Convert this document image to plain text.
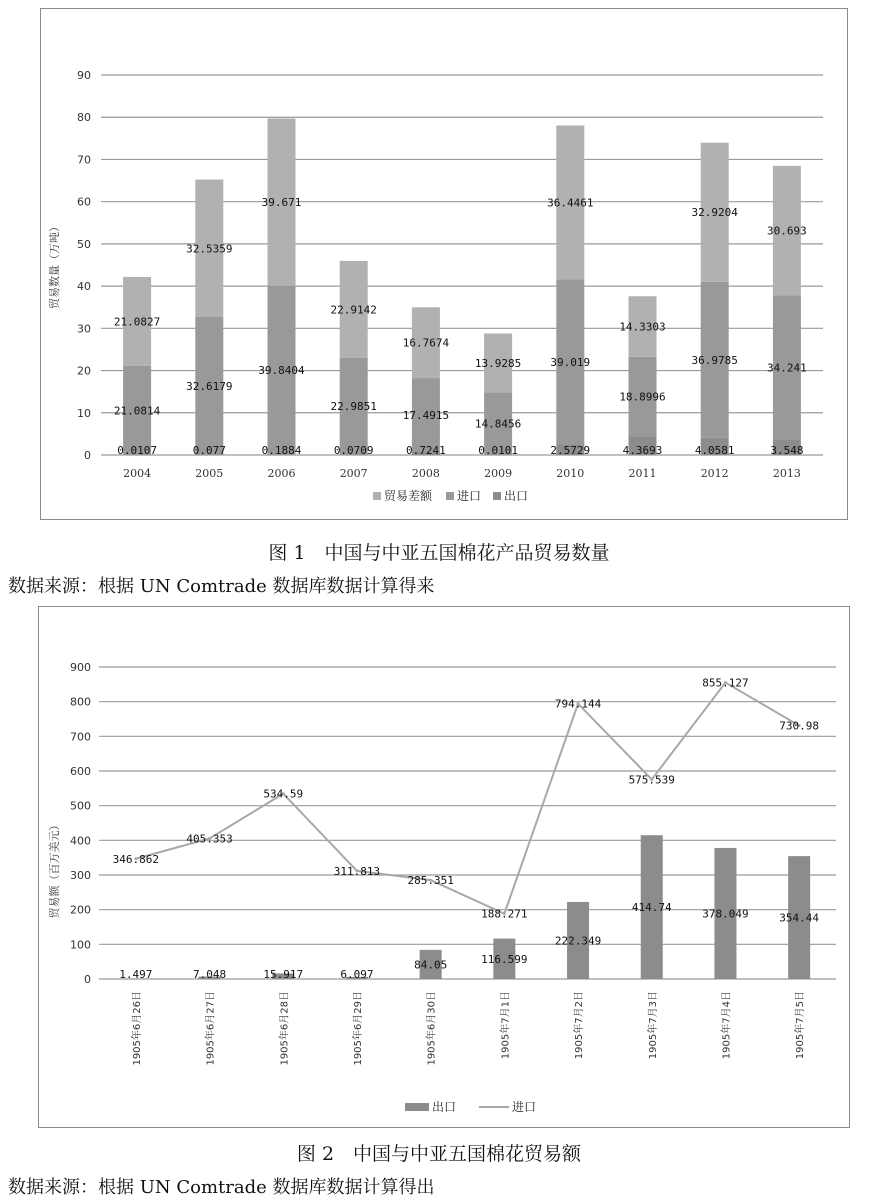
0
10
20
30
40
50
60
70
80
90
贸易数量（万吨）
0.0107
21.0814
21.0827
2004
0.077
32.6179
32.5359
2005
0.1884
39.8404
39.671
2006
0.0709
22.9851
22.9142
2007
0.7241
17.4915
16.7674
2008
0.0101
14.8456
13.9285
2009
2.5729
39.019
36.4461
2010
4.3693
18.8996
14.3303
2011
4.0581
36.9785
32.9204
2012
3.548
34.241
30.693
2013
贸易差额 进口 出口
图 1　中国与中亚五国棉花产品贸易数量
数据来源：根据 UN Comtrade 数据库数据计算得来
0
100
200
300
400
500
600
700
800
900
贸易额（百万美元）
1.497
1905年6月26日
7.048
1905年6月27日
15.917
1905年6月28日
6.097
1905年6月29日
84.05
1905年6月30日
116.599
1905年7月1日
222.349
1905年7月2日
414.74
1905年7月3日
378.049
1905年7月4日
354.44
1905年7月5日
346.862
405.353
534.59
311.813
285.351
188.271
794.144
575.539
855.127
730.98
出口	进口
图 2　中国与中亚五国棉花贸易额
数据来源：根据 UN Comtrade 数据库数据计算得出
